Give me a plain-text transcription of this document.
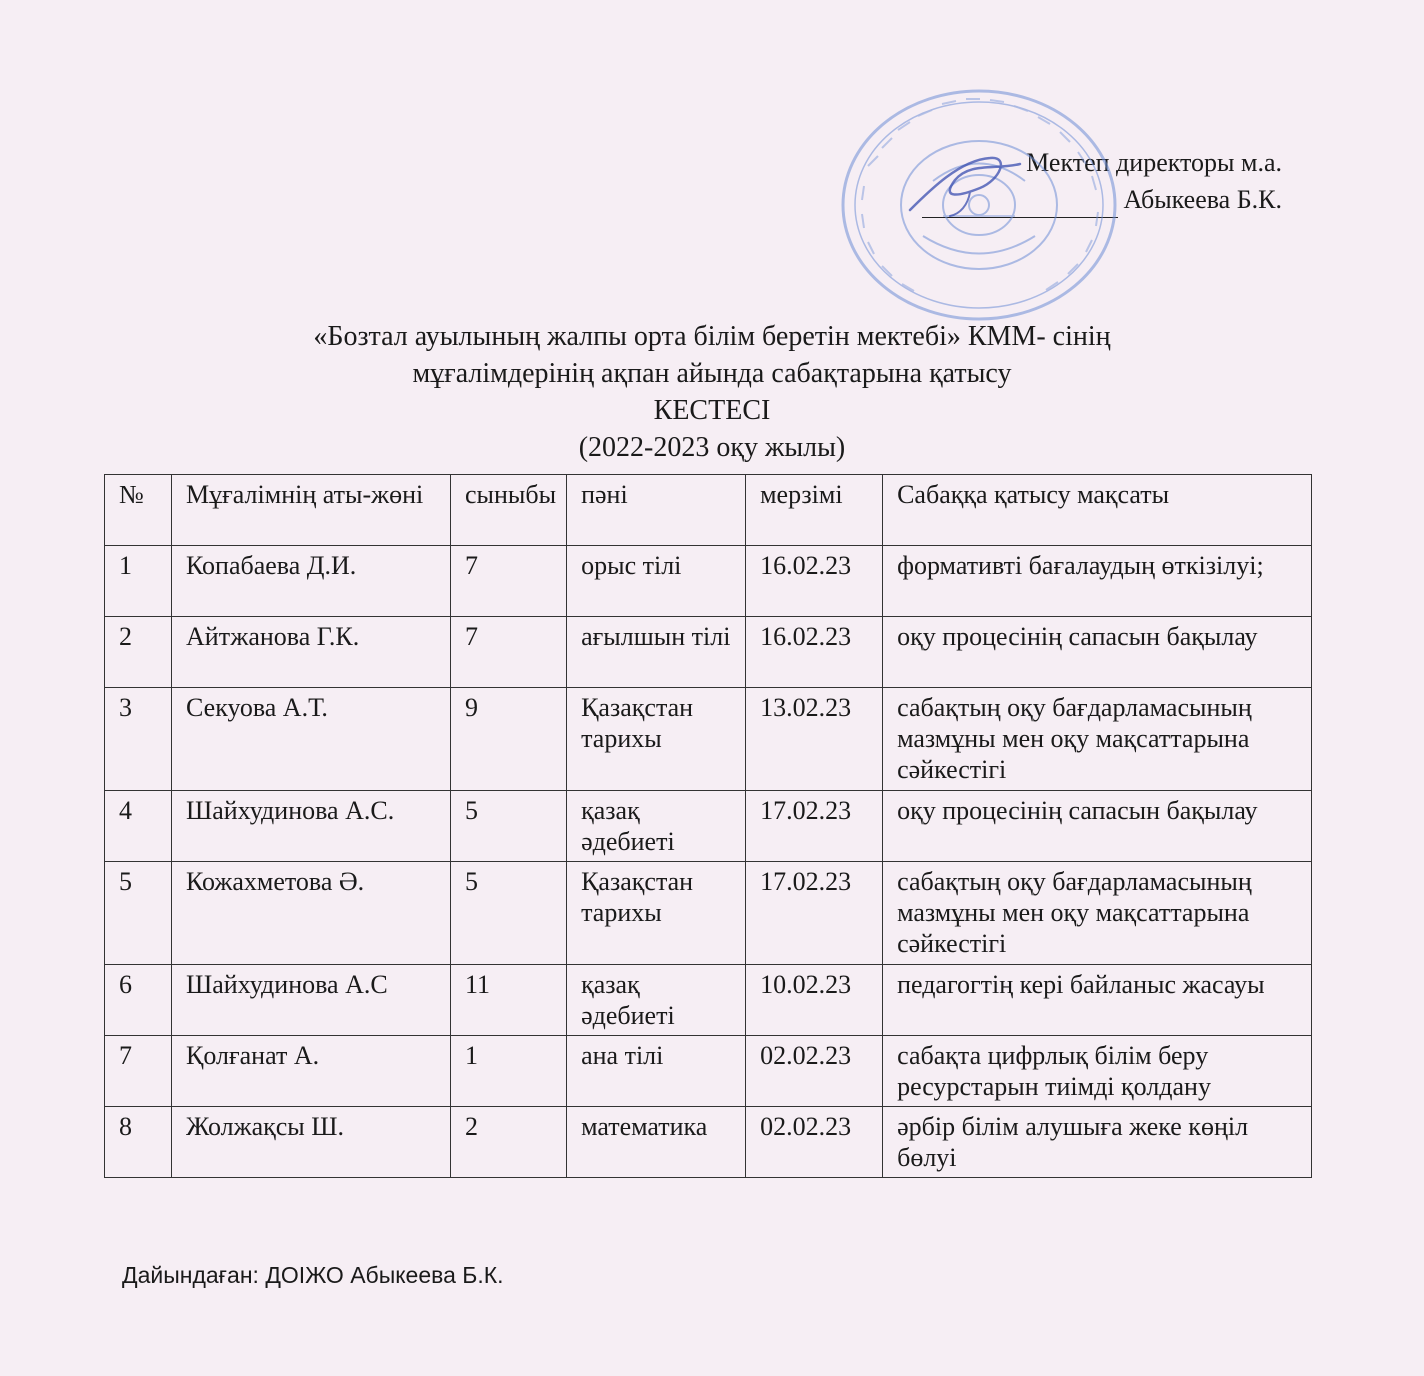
Мектеп директоры м.а.
Абыкеева Б.К.
«Бозтал ауылының жалпы орта білім беретін мектебі» КММ- сінің
мұғалімдерінің ақпан айында сабақтарына қатысу
КЕСТЕСІ
(2022-2023 оқу жылы)
№	Мұғалімнің аты-жөні	сыныбы	пәні	мерзімі	Сабаққа қатысу мақсаты
1	Копабаева Д.И.	7	орыс тілі	16.02.23	формативті бағалаудың өткізілуі;
2	Айтжанова Г.К.	7	ағылшын тілі	16.02.23	оқу процесінің сапасын бақылау
3	Секуова А.Т.	9	Қазақстан тарихы	13.02.23	сабақтың оқу бағдарламасының мазмұны мен оқу мақсаттарына сәйкестігі
4	Шайхудинова А.С.	5	қазақ әдебиеті	17.02.23	оқу процесінің сапасын бақылау
5	Кожахметова Ә.	5	Қазақстан тарихы	17.02.23	сабақтың оқу бағдарламасының мазмұны мен оқу мақсаттарына сәйкестігі
6	Шайхудинова А.С	11	қазақ әдебиеті	10.02.23	педагогтің кері байланыс жасауы
7	Қолғанат А.	1	ана тілі	02.02.23	сабақта цифрлық білім беру ресурстарын тиімді қолдану
8	Жолжақсы Ш.	2	математика	02.02.23	әрбір білім алушыға жеке көңіл бөлуі
Дайындаған: ДОІЖО Абыкеева Б.К.
